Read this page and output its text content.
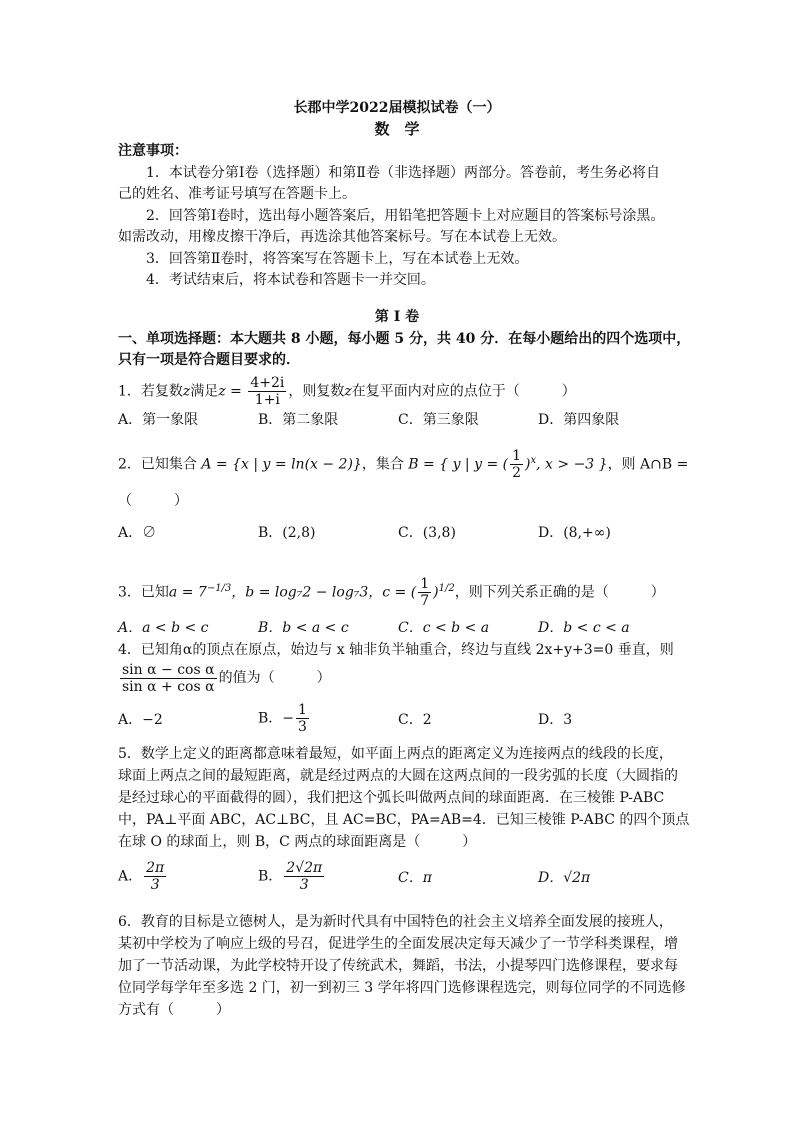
长郡中学2022届模拟试卷（一）
数　学
注意事项：
1．本试卷分第Ⅰ卷（选择题）和第Ⅱ卷（非选择题）两部分。答卷前，考生务必将自
己的姓名、准考证号填写在答题卡上。
2．回答第Ⅰ卷时，选出每小题答案后，用铅笔把答题卡上对应题目的答案标号涂黑。
如需改动，用橡皮擦干净后，再选涂其他答案标号。写在本试卷上无效。
3．回答第Ⅱ卷时，将答案写在答题卡上，写在本试卷上无效。
4．考试结束后，将本试卷和答题卡一并交回。
第 Ⅰ 卷
一、单项选择题：本大题共 8 小题，每小题 5 分，共 40 分．在每小题给出的四个选项中，
只有一项是符合题目要求的．
1．若复数z满足$z = \frac{4+2i}{1+i}$ ，则复数z在复平面内对应的点位于（　　　）
A．第一象限	B．第二象限	C．第三象限	D．第四象限
2．已知集合 A = {x | y = ln(x − 2)}，集合 B = { y | y = ( $\frac{1}{2} )^x$, x > −3 }，则 A∩B =
（　　　）
A．∅	B．(2,8)	C．(3,8)	D．(8,+∞)
3．已知$a = 7^{-1/3}$，b = log₇2 − log₇3，c = ( $\frac{1}{7} )^{1/2}$，则下列关系正确的是（　　　）
A．a < b < c	B．b < a < c	C．c < b < a	D．b < c < a
4．已知角α的顶点在原点，始边与 x 轴非负半轴重合，终边与直线 2x+y+3=0 垂直，则
$\frac{\text{sin α − cos α}}{\text{sin α + cos α}}$ 的值为（　　　）
A．−2	B．− $\frac{1}{3}$	C．2	D．3
5．数学上定义的距离都意味着最短，如平面上两点的距离定义为连接两点的线段的长度，
球面上两点之间的最短距离，就是经过两点的大圆在这两点间的一段劣弧的长度（大圆指的
是经过球心的平面截得的圆），我们把这个弧长叫做两点间的球面距离．在三棱锥 P-ABC
中，PA⊥平面 ABC，AC⊥BC，且 AC=BC，PA=AB=4．已知三棱锥 P-ABC 的四个顶点
在球 O 的球面上，则 B，C 两点的球面距离是（　　　）
A． $\frac{2\pi}{3}$	B． $\frac{2√2\pi}{3}$	C．π	D．√2π
6．教育的目标是立德树人，是为新时代具有中国特色的社会主义培养全面发展的接班人，
某初中学校为了响应上级的号召，促进学生的全面发展决定每天减少了一节学科类课程，增
加了一节活动课，为此学校特开设了传统武术，舞蹈，书法，小提琴四门选修课程，要求每
位同学每学年至多选 2 门，初一到初三 3 学年将四门选修课程选完，则每位同学的不同选修
方式有（　　　）
